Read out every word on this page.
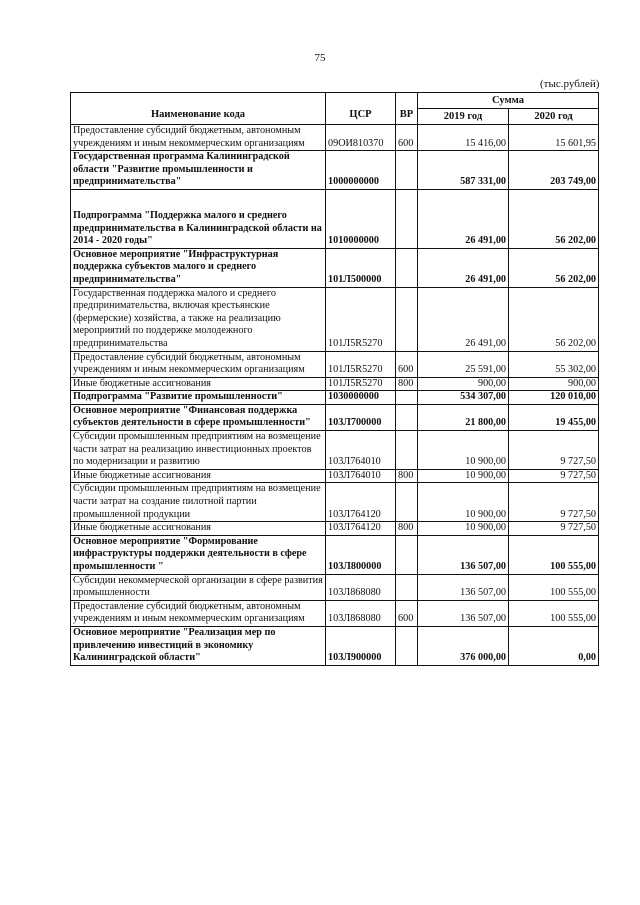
75
(тыс.рублей)
Наименование кода	ЦСР	ВР	Сумма	
			2019 год	2020 год
Предоставление субсидий бюджетным, автономным учреждениям и иным некоммерческим организациям	09ОИ810370	600	15 416,00	15 601,95
Государственная программа Калининградской области "Развитие промышленности и предпринимательства"	1000000000		587 331,00	203 749,00
Подпрограмма "Поддержка малого и среднего предпринимательства в Калининградской области на 2014 - 2020 годы"	1010000000		26 491,00	56 202,00
Основное мероприятие "Инфраструктурная поддержка субъектов малого и среднего предпринимательства"	101Л500000		26 491,00	56 202,00
Государственная поддержка малого и среднего предпринимательства, включая крестьянские (фермерские) хозяйства, а также на реализацию мероприятий по поддержке молодежного предпринимательства	101Л5R5270		26 491,00	56 202,00
Предоставление субсидий бюджетным, автономным учреждениям и иным некоммерческим организациям	101Л5R5270	600	25 591,00	55 302,00
Иные бюджетные ассигнования	101Л5R5270	800	900,00	900,00
Подпрограмма "Развитие промышленности"	1030000000		534 307,00	120 010,00
Основное мероприятие "Финансовая поддержка субъектов деятельности в сфере промышленности"	103Л700000		21 800,00	19 455,00
Субсидии промышленным предприятиям на возмещение части затрат на реализацию инвестиционных проектов по модернизации и развитию	103Л764010		10 900,00	9 727,50
Иные бюджетные ассигнования	103Л764010	800	10 900,00	9 727,50
Субсидии промышленным предприятиям на возмещение части затрат на создание пилотной партии промышленной продукции	103Л764120		10 900,00	9 727,50
Иные бюджетные ассигнования	103Л764120	800	10 900,00	9 727,50
Основное мероприятие "Формирование инфраструктуры поддержки деятельности в сфере промышленности "	103Л800000		136 507,00	100 555,00
Субсидии некоммерческой организации в сфере развития промышленности	103Л868080		136 507,00	100 555,00
Предоставление субсидий бюджетным, автономным учреждениям и иным некоммерческим организациям	103Л868080	600	136 507,00	100 555,00
Основное мероприятие "Реализация мер по привлечению инвестиций в экономику Калининградской области"	103Л900000		376 000,00	0,00
